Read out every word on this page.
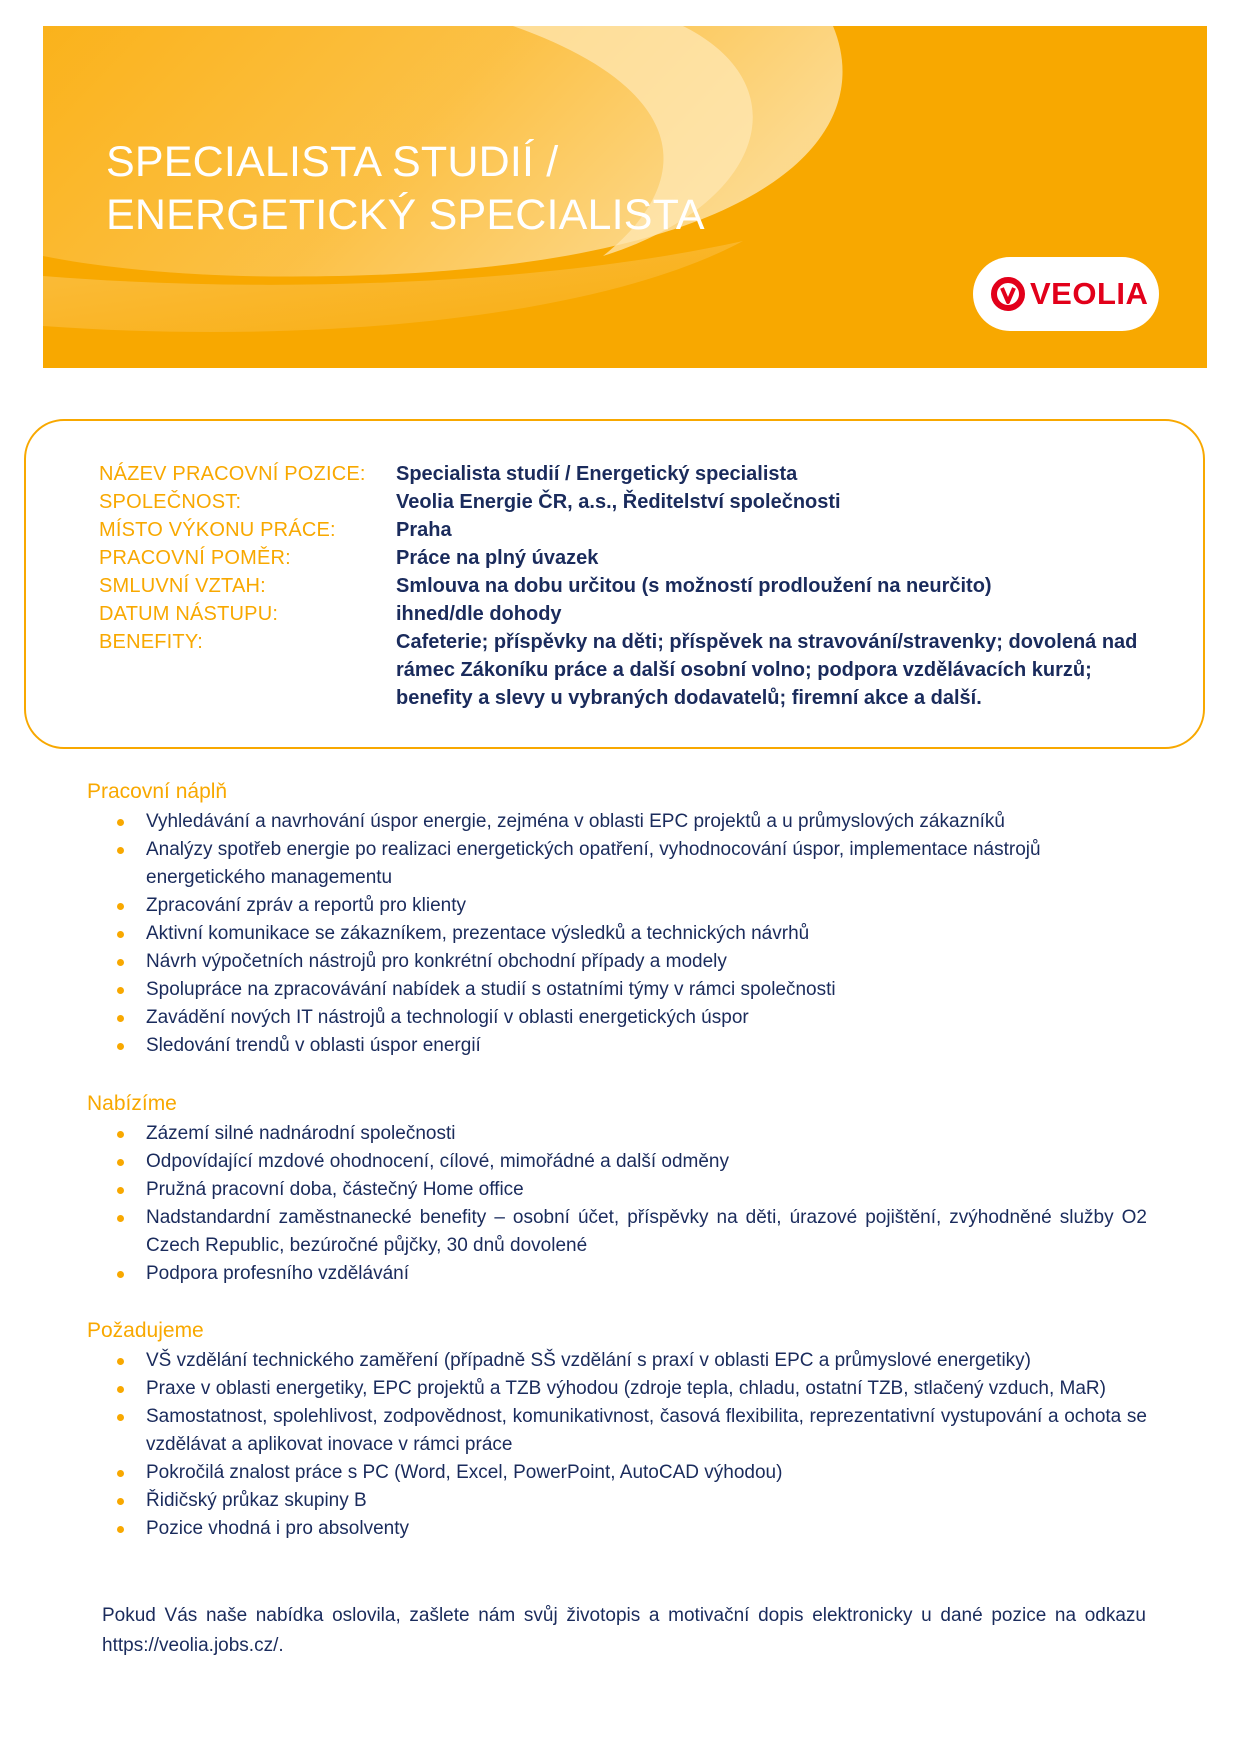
SPECIALISTA STUDIÍ /
ENERGETICKÝ SPECIALISTA
VEOLIA
NÁZEV PRACOVNÍ POZICE: Specialista studií / Energetický specialista
SPOLEČNOST:	Veolia Energie ČR, a.s., Ředitelství společnosti
MÍSTO VÝKONU PRÁCE:	Praha
PRACOVNÍ POMĚR:	Práce na plný úvazek
SMLUVNÍ VZTAH:	Smlouva na dobu určitou (s možností prodloužení na neurčito)
DATUM NÁSTUPU:	ihned/dle dohody
BENEFITY:	Cafeterie; příspěvky na děti; příspěvek na stravování/stravenky; dovolená nad rámec Zákoníku práce a další osobní volno; podpora vzdělávacích kurzů; benefity a slevy u vybraných dodavatelů; firemní akce a další.
Pracovní náplň
Vyhledávání a navrhování úspor energie, zejména v oblasti EPC projektů a u průmyslových zákazníků
Analýzy spotřeb energie po realizaci energetických opatření, vyhodnocování úspor, implementace nástrojů energetického managementu
Zpracování zpráv a reportů pro klienty
Aktivní komunikace se zákazníkem, prezentace výsledků a technických návrhů
Návrh výpočetních nástrojů pro konkrétní obchodní případy a modely
Spolupráce na zpracovávání nabídek a studií s ostatními týmy v rámci společnosti
Zavádění nových IT nástrojů a technologií v oblasti energetických úspor
Sledování trendů v oblasti úspor energií
Nabízíme
Zázemí silné nadnárodní společnosti
Odpovídající mzdové ohodnocení, cílové, mimořádné a další odměny
Pružná pracovní doba, částečný Home office
Nadstandardní zaměstnanecké benefity – osobní účet, příspěvky na děti, úrazové pojištění, zvýhodněné služby O2 Czech Republic, bezúročné půjčky, 30 dnů dovolené
Podpora profesního vzdělávání
Požadujeme
VŠ vzdělání technického zaměření (případně SŠ vzdělání s praxí v oblasti EPC a průmyslové energetiky)
Praxe v oblasti energetiky, EPC projektů a TZB výhodou (zdroje tepla, chladu, ostatní TZB, stlačený vzduch, MaR)
Samostatnost, spolehlivost, zodpovědnost, komunikativnost, časová flexibilita, reprezentativní vystupování a ochota se vzdělávat a aplikovat inovace v rámci práce
Pokročilá znalost práce s PC (Word, Excel, PowerPoint, AutoCAD výhodou)
Řidičský průkaz skupiny B
Pozice vhodná i pro absolventy

Pokud Vás naše nabídka oslovila, zašlete nám svůj životopis a motivační dopis elektronicky u dané pozice na odkazu https://veolia.jobs.cz/.
